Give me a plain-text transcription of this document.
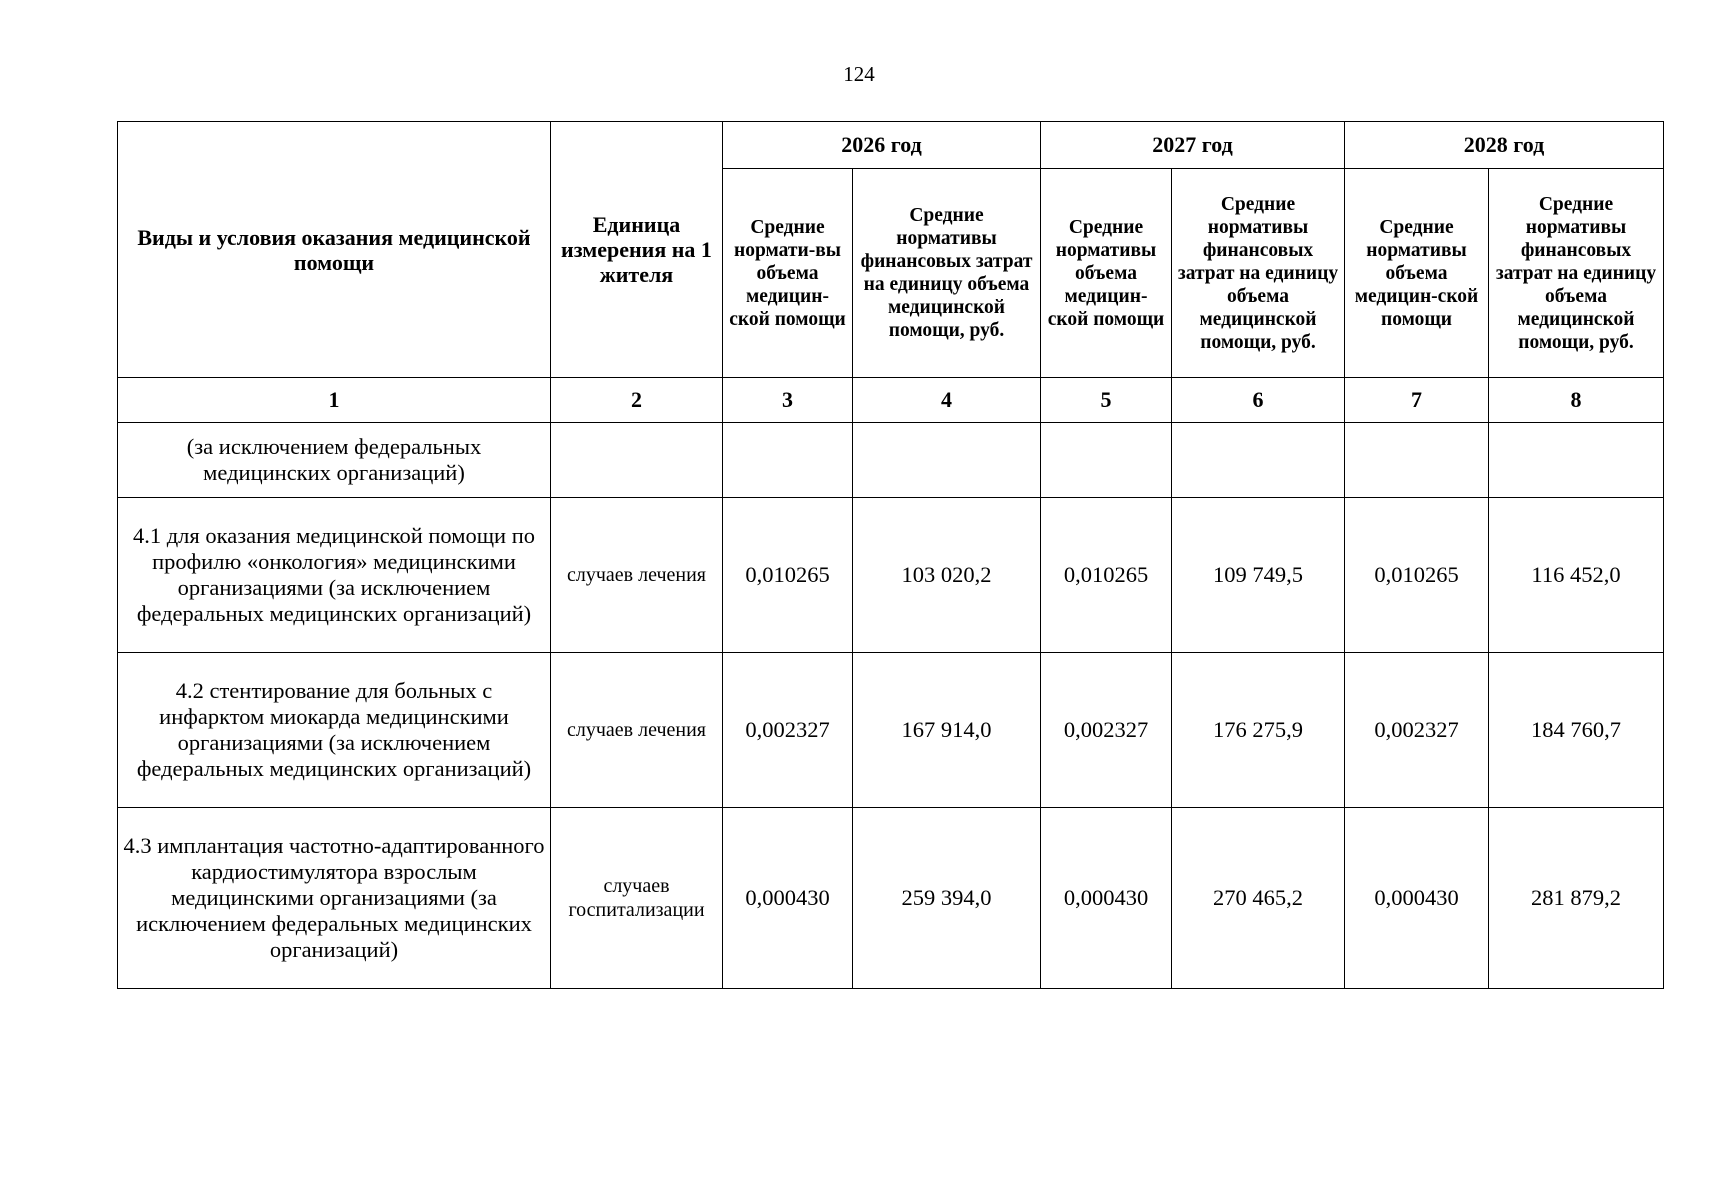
124
Виды и условия оказания медицинской помощи	Единица измерения на 1 жителя	2026 год		2027 год		2028 год	
		Средние нормати-вы объема медицин-ской помощи	Средние нормативы финансовых затрат на единицу объема медицинской помощи, руб.	Средние нормативы объема медицин-ской помощи	Средние нормативы финансовых затрат на единицу объема медицинской помощи, руб.	Средние нормативы объема медицин-ской помощи	Средние нормативы финансовых затрат на единицу объема медицинской помощи, руб.
1	2	3	4	5	6	7	8
(за исключением федеральных медицинских организаций)							
4.1 для оказания медицинской помощи по профилю «онкология» медицинскими организациями (за исключением федеральных медицинских организаций)	случаев лечения	0,010265	103 020,2	0,010265	109 749,5	0,010265	116 452,0
4.2 стентирование для больных с инфарктом миокарда медицинскими организациями (за исключением федеральных медицинских организаций)	случаев лечения	0,002327	167 914,0	0,002327	176 275,9	0,002327	184 760,7
4.3 имплантация частотно-адаптированного кардиостимулятора взрослым медицинскими организациями (за исключением федеральных медицинских организаций)	случаев госпитализации	0,000430	259 394,0	0,000430	270 465,2	0,000430	281 879,2
